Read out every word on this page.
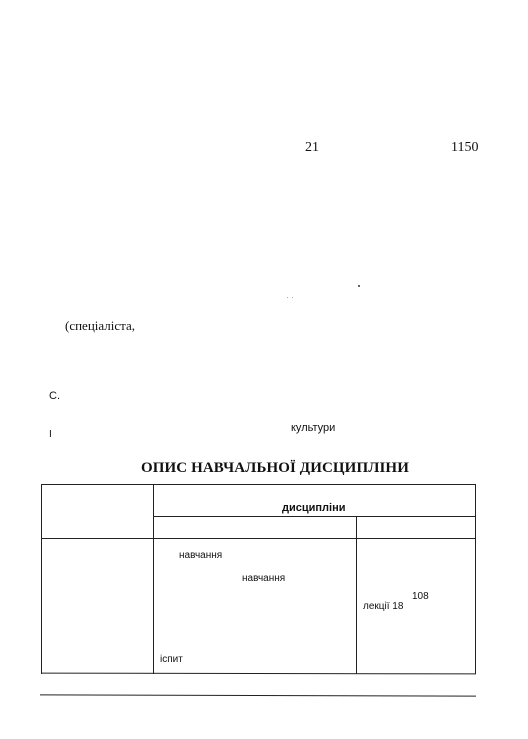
21	1150
(спеціаліста,
С.
І
культури
ОПИС НАВЧАЛЬНОЇ ДИСЦИПЛІНИ
дисципліни
навчання
навчання
іспит
108
лекції 18
